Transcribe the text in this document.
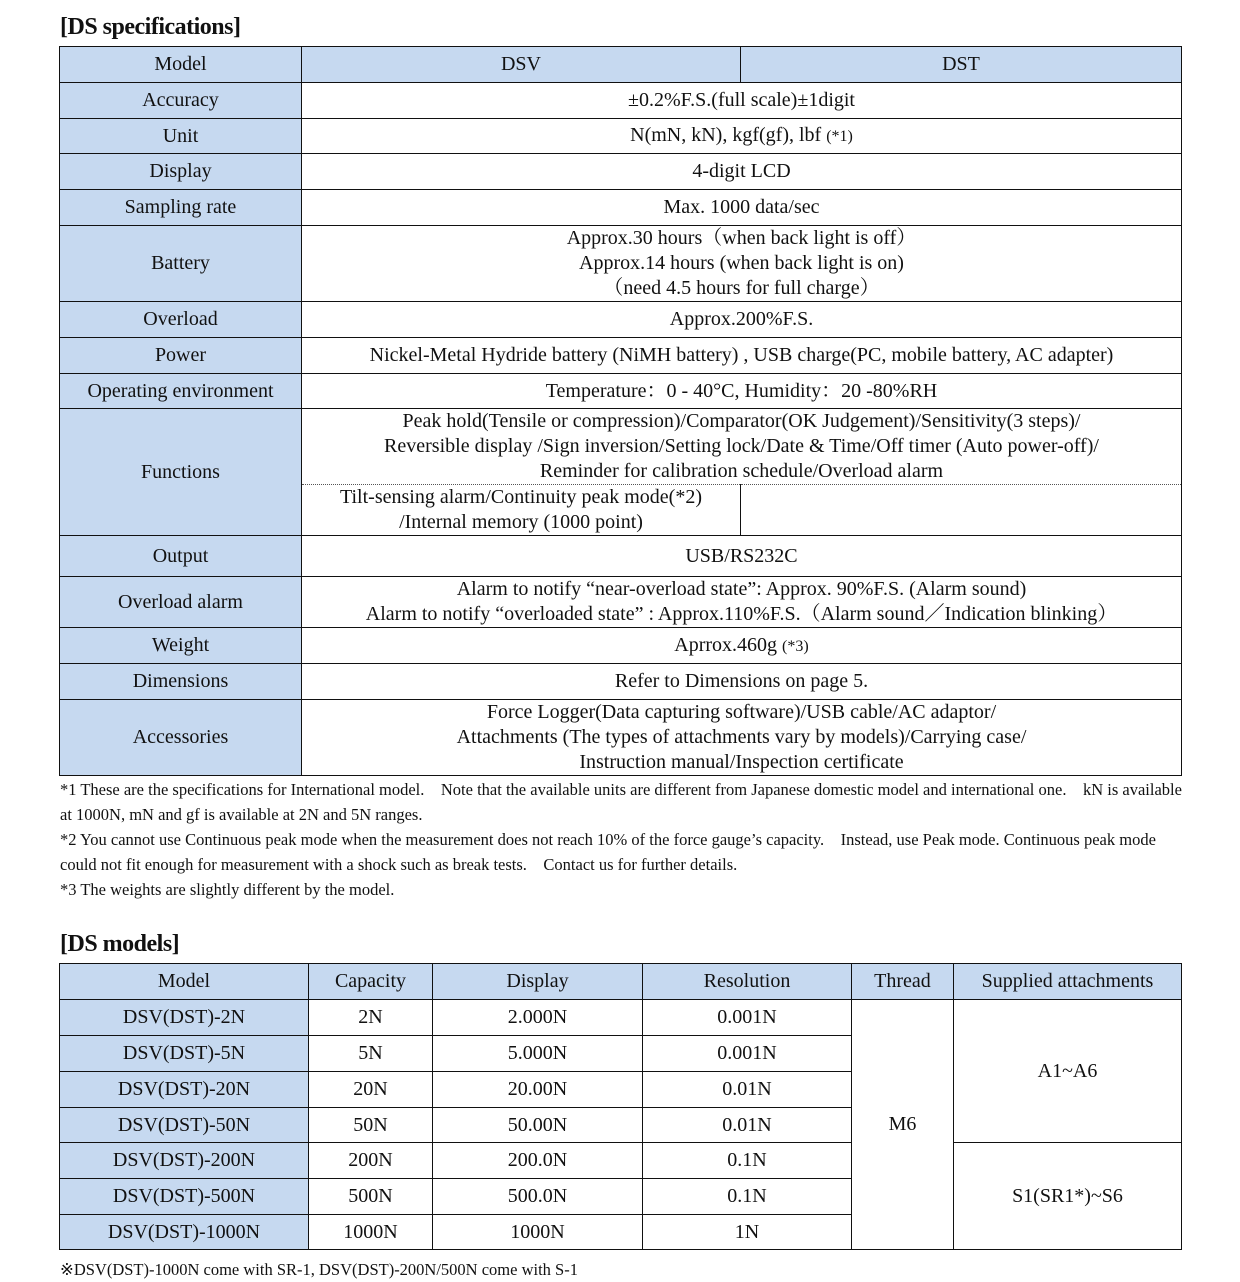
[DS specifications]
Model	DSV	DST
Accuracy	±0.2%F.S.(full scale)±1digit	
Unit	N(mN, kN), kgf(gf), lbf (*1)	
Display	4-digit LCD	
Sampling rate	Max. 1000 data/sec	
Battery	Approx.30 hours（when back light is off）
Approx.14 hours (when back light is on)
（need 4.5 hours for full charge）	

Overload	Approx.200%F.S.	
Power	Nickel-Metal Hydride battery (NiMH battery) , USB charge(PC, mobile battery, AC adapter)	
Operating environment	Temperature：0 - 40°C, Humidity：20 -80%RH	
Functions	Peak hold(Tensile or compression)/Comparator(OK Judgement)/Sensitivity(3 steps)/
Reversible display /Sign inversion/Setting lock/Date & Time/Off timer (Auto power-off)/
Reminder for calibration schedule/Overload alarm	

	Tilt-sensing alarm/Continuity peak mode(*2)
/Internal memory (1000 point)	

Output	USB/RS232C	
Overload alarm	Alarm to notify “near-overload state”: Approx. 90%F.S. (Alarm sound)
Alarm to notify “overloaded state” : Approx.110%F.S.（Alarm sound／Indication blinking）	

Weight	Aprrox.460g (*3)	
Dimensions	Refer to Dimensions on page 5.	
Accessories	Force Logger(Data capturing software)/USB cable/AC adaptor/
Attachments (The types of attachments vary by models)/Carrying case/
Instruction manual/Inspection certificate	
*1 These are the specifications for International model.　Note that the available units are different from Japanese domestic model and international one.　kN is available at 1000N, mN and gf is available at 2N and 5N ranges.
*2 You cannot use Continuous peak mode when the measurement does not reach 10% of the force gauge’s capacity.　Instead, use Peak mode. Continuous peak mode could not fit enough for measurement with a shock such as break tests.　Contact us for further details.
*3 The weights are slightly different by the model.
[DS models]
Model	Capacity	Display	Resolution	Thread	Supplied attachments
DSV(DST)-2N	2N	2.000N	0.001N	M6	A1~A6
DSV(DST)-5N	5N	5.000N	0.001N		
DSV(DST)-20N	20N	20.00N	0.01N		
DSV(DST)-50N	50N	50.00N	0.01N		
DSV(DST)-200N	200N	200.0N	0.1N		S1(SR1*)~S6
DSV(DST)-500N	500N	500.0N	0.1N		
DSV(DST)-1000N	1000N	1000N	1N		
※DSV(DST)-1000N come with SR-1, DSV(DST)-200N/500N come with S-1
